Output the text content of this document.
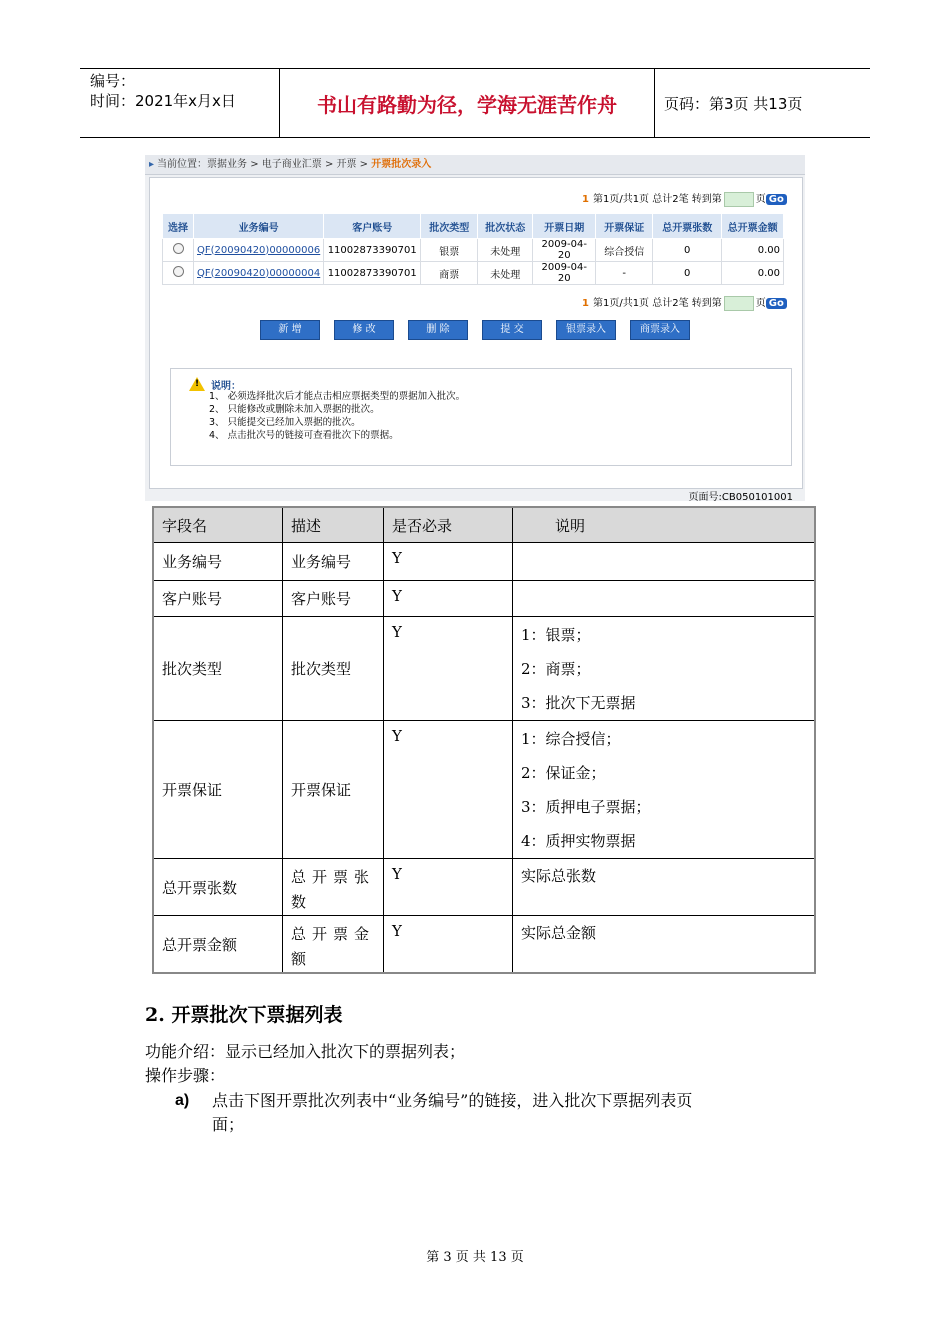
编号：
时间：2021年x月x日	书山有路勤为径，学海无涯苦作舟	页码：第3页 共13页
▸ 当前位置：票据业务 > 电子商业汇票 > 开票 > 开票批次录入
1 第1页/共1页 总计2笔 转到第	页 Go
选择	业务编号	客户账号	批次类型	批次状态	开票日期	开票保证	总开票张数	总开票金额
	QF(20090420)00000006	11002873390701	银票	未处理	2009-04-20	综合授信	0	0.00
	QF(20090420)00000004	11002873390701	商票	未处理	2009-04-20	-	0	0.00
1 第1页/共1页 总计2笔 转到第	页 Go
新 增	修 改	删 除	提 交	银票录入	商票录入
! 说明：
1、 必须选择批次后才能点击相应票据类型的票据加入批次。
2、 只能修改或删除未加入票据的批次。
3、 只能提交已经加入票据的批次。
4、 点击批次号的链接可查看批次下的票据。
页面号:CB050101001
字段名	描述	是否必录	说明
业务编号	业务编号	Y	
客户账号	客户账号	Y	
批次类型	批次类型	Y	1：银票；
2：商票；
3：批次下无票据

开票保证	开票保证	Y	1：综合授信；
2：保证金；
3：质押电子票据；
4：质押实物票据

总开票张数	总开票张数	Y	实际总张数
总开票金额	总开票金额	Y	实际总金额
2. 开票批次下票据列表
功能介绍：显示已经加入批次下的票据列表；
操作步骤：
a) 点击下图开票批次列表中“业务编号”的链接，进入批次下票据列表页
面；
第 3 页 共 13 页
